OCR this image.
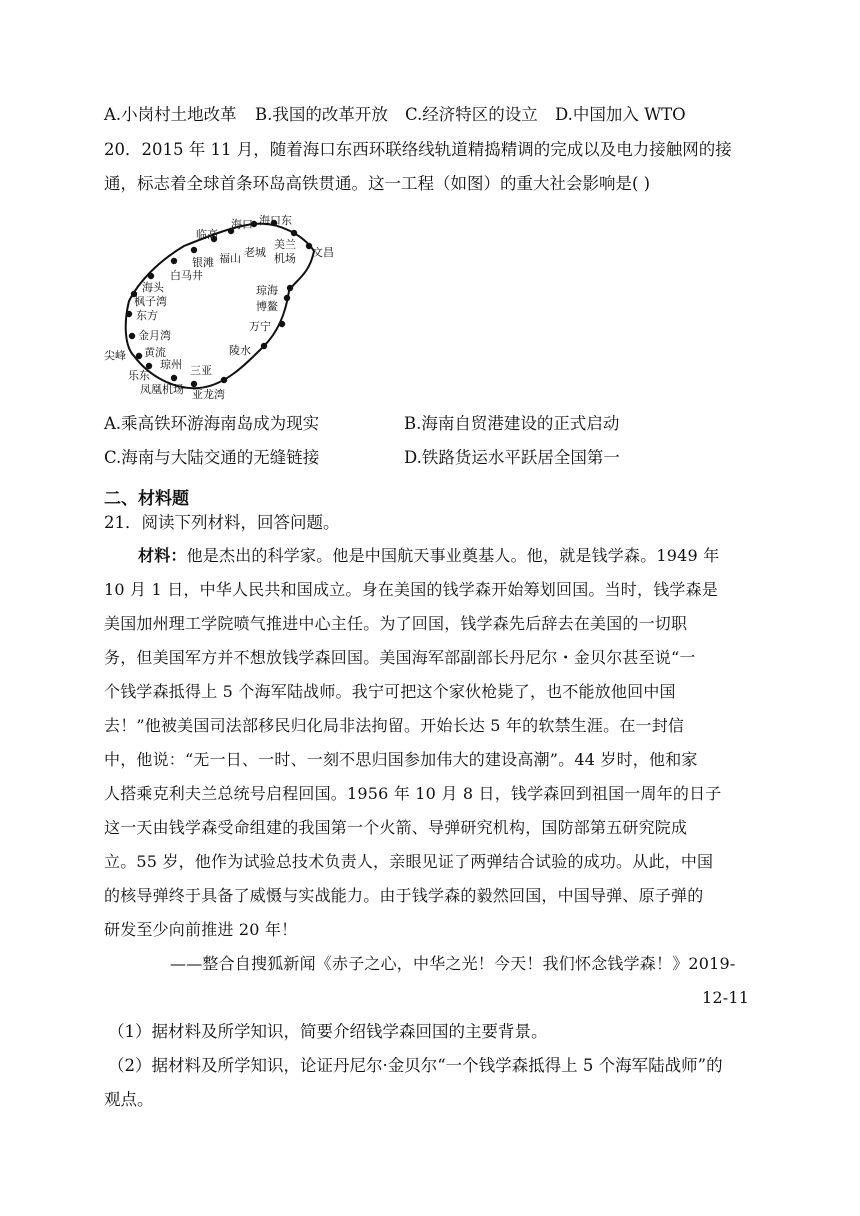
A.小岗村土地改革 B.我国的改革开放 C.经济特区的设立 D.中国加入 WTO
20．2015 年 11 月，随着海口东西环联络线轨道精捣精调的完成以及电力接触网的接
通，标志着全球首条环岛高铁贯通。这一工程（如图）的重大社会影响是( )
临高
海口 海口东
美兰
机场 文昌
老城
福山
银滩
白马井
海头
枫子湾
东方
金月湾
尖峰 黄流
乐东
凤凰机场
琼州 三亚
亚龙湾
陵水
万宁
博鳌
琼海
A.乘高铁环游海南岛成为现实	B.海南自贸港建设的正式启动
C.海南与大陆交通的无缝链接	D.铁路货运水平跃居全国第一
二、材料题
21．阅读下列材料，回答问题。
材料：他是杰出的科学家。他是中国航天事业奠基人。他，就是钱学森。1949 年
10 月 1 日，中华人民共和国成立。身在美国的钱学森开始筹划回国。当时，钱学森是
美国加州理工学院喷气推进中心主任。为了回国，钱学森先后辞去在美国的一切职
务，但美国军方并不想放钱学森回国。美国海军部副部长丹尼尔・金贝尔甚至说“一
个钱学森抵得上 5 个海军陆战师。我宁可把这个家伙枪毙了，也不能放他回中国
去！”他被美国司法部移民归化局非法拘留。开始长达 5 年的软禁生涯。在一封信
中，他说：“无一日、一时、一刻不思归国参加伟大的建设高潮”。44 岁时，他和家
人搭乘克利夫兰总统号启程回国。1956 年 10 月 8 日，钱学森回到祖国一周年的日子
这一天由钱学森受命组建的我国第一个火箭、导弹研究机构，国防部第五研究院成
立。55 岁，他作为试验总技术负责人，亲眼见证了两弹结合试验的成功。从此，中国
的核导弹终于具备了威慑与实战能力。由于钱学森的毅然回国，中国导弹、原子弹的
研发至少向前推进 20 年！
——整合自搜狐新闻《赤子之心，中华之光！今天！我们怀念钱学森！》2019-
12-11
（1）据材料及所学知识，简要介绍钱学森回国的主要背景。
（2）据材料及所学知识，论证丹尼尔·金贝尔“一个钱学森抵得上 5 个海军陆战师”的
观点。
